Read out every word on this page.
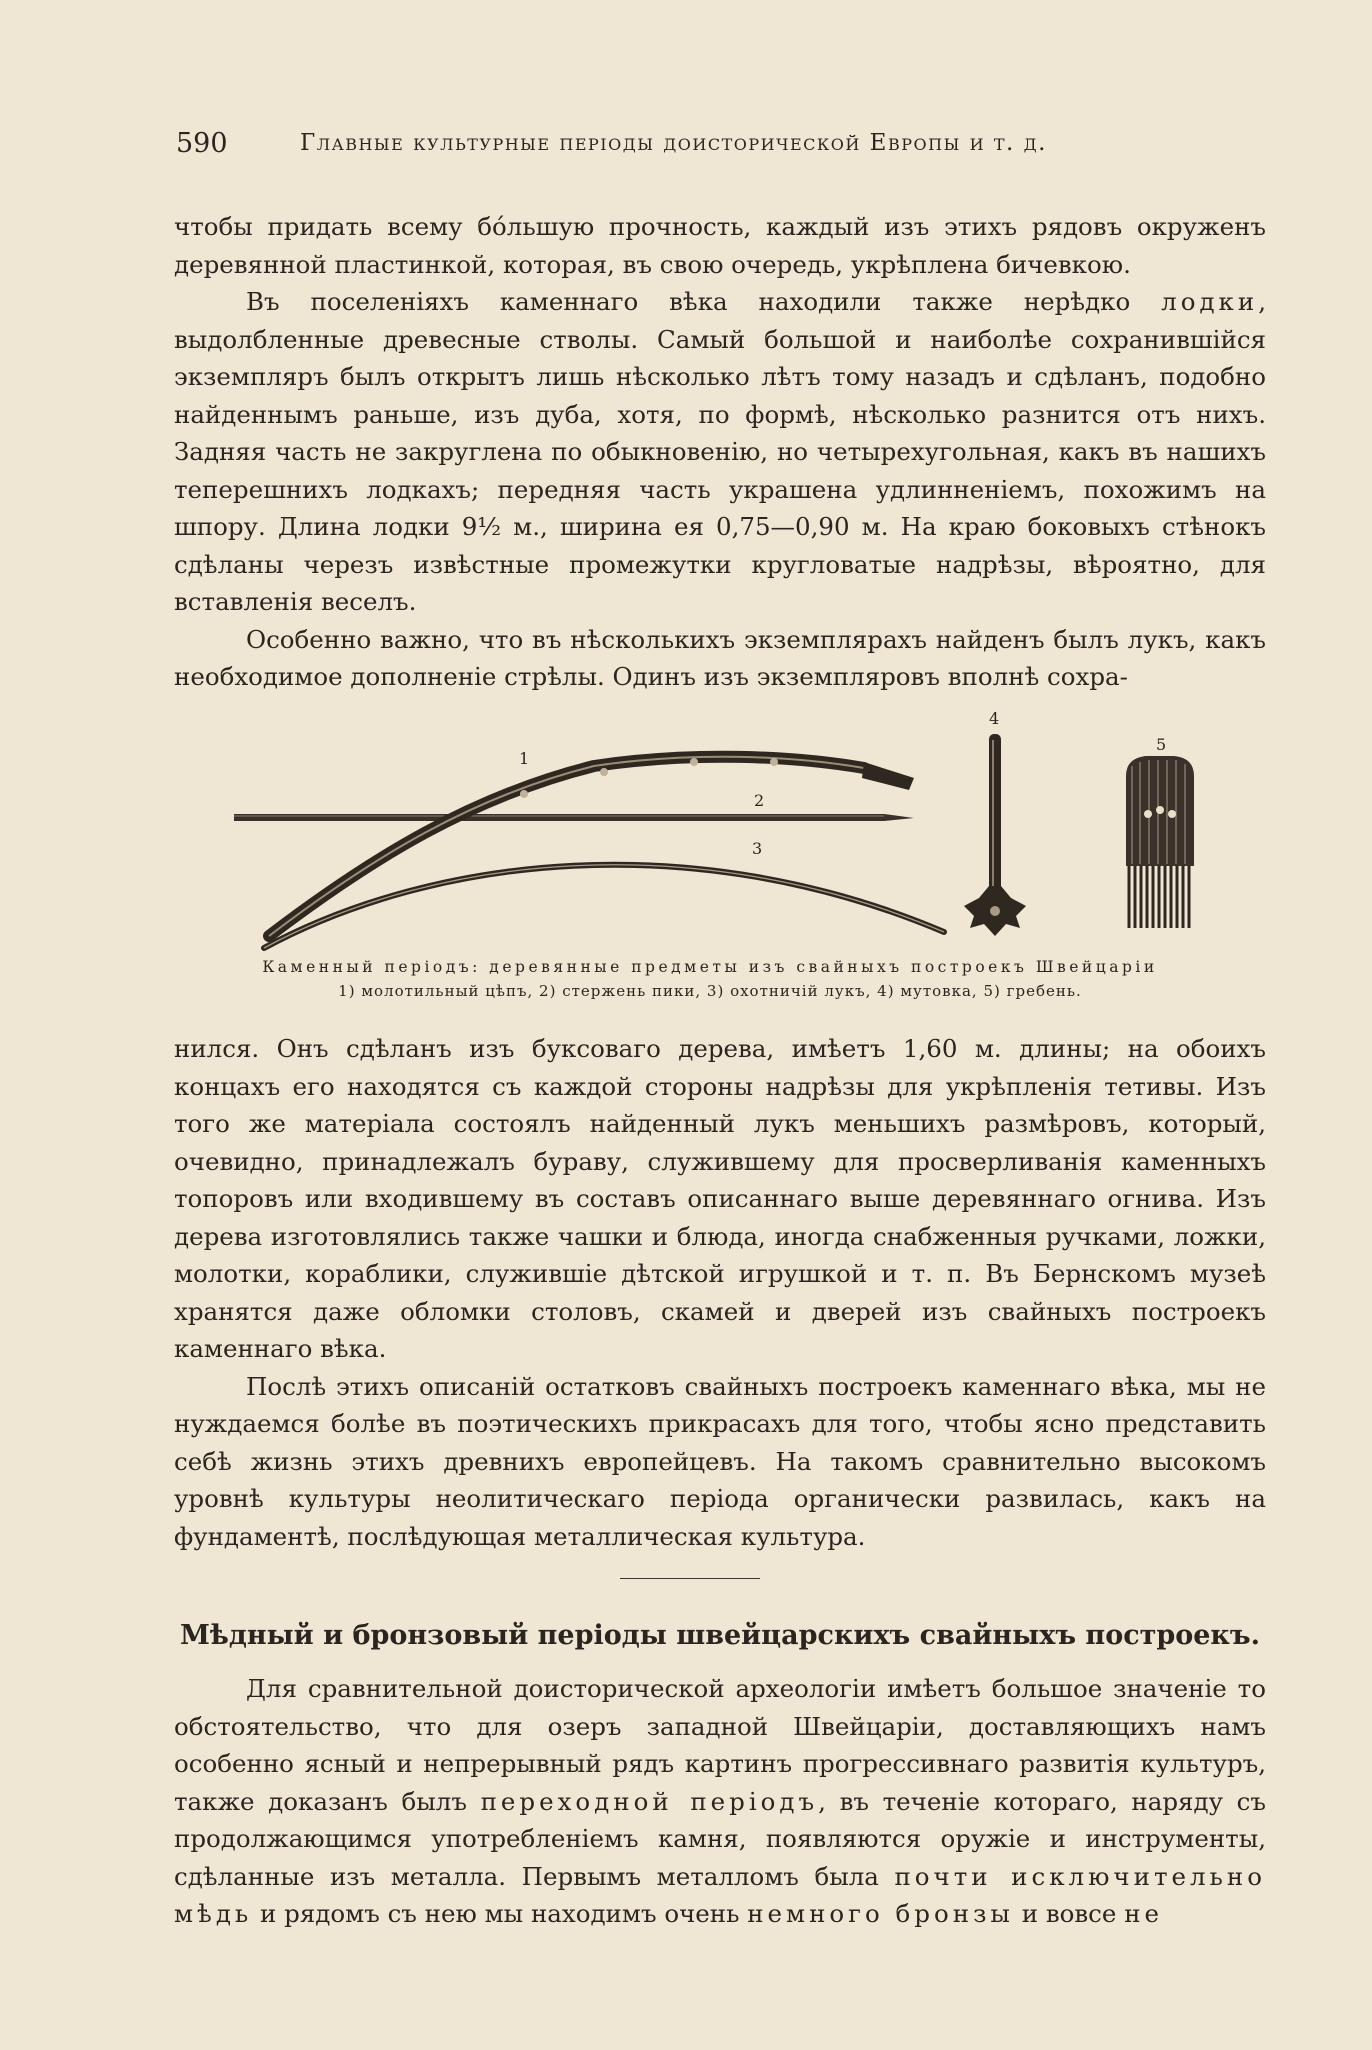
590	Главные культурные періоды доисторической Европы и т. д.

чтобы придать всему бóльшую прочность, каждый изъ этихъ рядовъ окруженъ деревянной пластинкой, которая, въ свою очередь, укрѣплена бичевкою.

Въ поселеніяхъ каменнаго вѣка находили также нерѣдко лодки, выдолбленные древесные стволы. Самый большой и наиболѣе сохранившійся экземпляръ былъ открытъ лишь нѣсколько лѣтъ тому назадъ и сдѣланъ, подобно найденнымъ раньше, изъ дуба, хотя, по формѣ, нѣсколько разнится отъ нихъ. Задняя часть не закруглена по обыкновенію, но четырехугольная, какъ въ нашихъ теперешнихъ лодкахъ; передняя часть украшена удлинненіемъ, похожимъ на шпору. Длина лодки 9½ м., ширина ея 0,75—0,90 м. На краю боковыхъ стѣнокъ сдѣланы черезъ извѣстные промежутки кругловатые надрѣзы, вѣроятно, для вставленія веселъ.

Особенно важно, что въ нѣсколькихъ экземплярахъ найденъ былъ лукъ, какъ необходимое дополненіе стрѣлы. Одинъ изъ экземпляровъ вполнѣ сохра-

1
2
3
4
5
Каменный періодъ: деревянные предметы изъ свайныхъ построекъ Швейцаріи
1) молотильный цѣпъ, 2) стержень пики, 3) охотничій лукъ, 4) мутовка, 5) гребень.

нился. Онъ сдѣланъ изъ буксоваго дерева, имѣетъ 1,60 м. длины; на обоихъ концахъ его находятся съ каждой стороны надрѣзы для укрѣпленія тетивы. Изъ того же матеріала состоялъ найденный лукъ меньшихъ размѣровъ, который, очевидно, принадлежалъ бураву, служившему для просверливанія каменныхъ топоровъ или входившему въ составъ описаннаго выше деревяннаго огнива. Изъ дерева изготовлялись также чашки и блюда, иногда снабженныя ручками, ложки, молотки, кораблики, служившіе дѣтской игрушкой и т. п. Въ Бернскомъ музеѣ хранятся даже обломки столовъ, скамей и дверей изъ свайныхъ построекъ каменнаго вѣка.

Послѣ этихъ описаній остатковъ свайныхъ построекъ каменнаго вѣка, мы не нуждаемся болѣе въ поэтическихъ прикрасахъ для того, чтобы ясно представить себѣ жизнь этихъ древнихъ европейцевъ. На такомъ сравнительно высокомъ уровнѣ культуры неолитическаго періода органически развилась, какъ на фундаментѣ, послѣдующая металлическая культура.

Мѣдный и бронзовый періоды швейцарскихъ свайныхъ построекъ.

Для сравнительной доисторической археологіи имѣетъ большое значеніе то обстоятельство, что для озеръ западной Швейцаріи, доставляющихъ намъ особенно ясный и непрерывный рядъ картинъ прогрессивнаго развитія культуръ, также доказанъ былъ переходной періодъ, въ теченіе котораго, наряду съ продолжающимся употребленіемъ камня, появляются оружіе и инструменты, сдѣланные изъ металла. Первымъ металломъ была почти исключительно мѣдь и рядомъ съ нею мы находимъ очень немного бронзы и вовсе не
